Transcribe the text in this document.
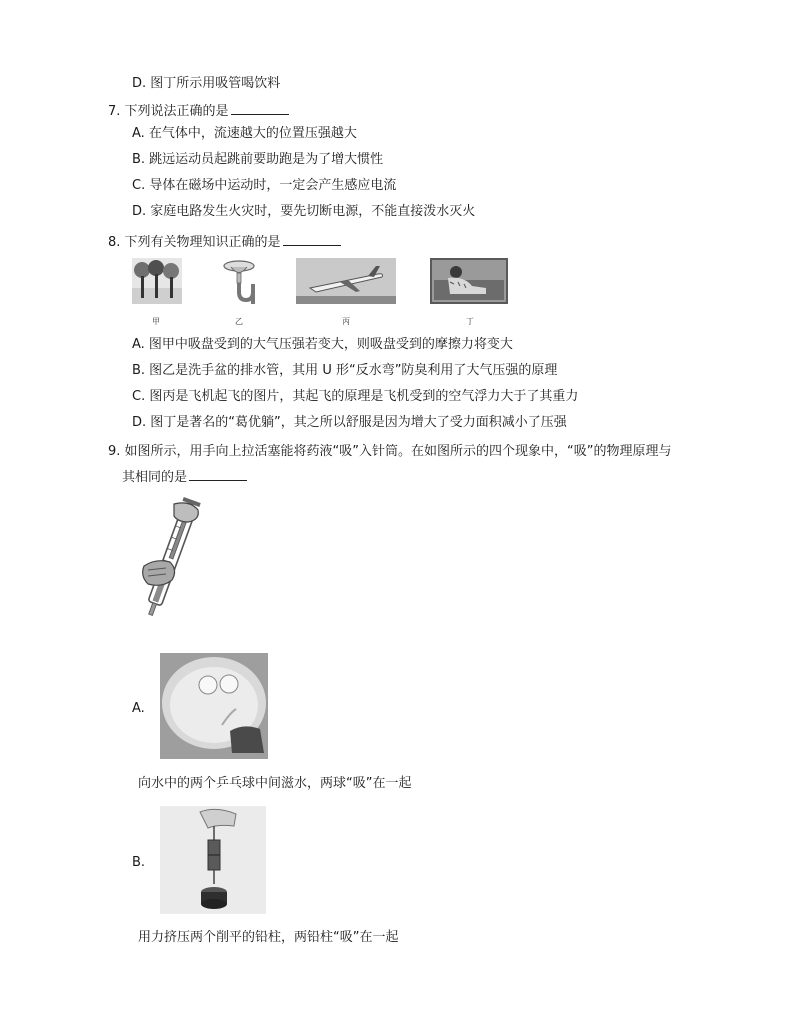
D. 图丁所示用吸管喝饮料
7. 下列说法正确的是
A. 在气体中，流速越大的位置压强越大
B. 跳远运动员起跳前要助跑是为了增大惯性
C. 导体在磁场中运动时，一定会产生感应电流
D. 家庭电路发生火灾时，要先切断电源，不能直接泼水灭火
8. 下列有关物理知识正确的是
甲	乙	丙	丁
A. 图甲中吸盘受到的大气压强若变大，则吸盘受到的摩擦力将变大
B. 图乙是洗手盆的排水管，其用 U 形“反水弯”防臭利用了大气压强的原理
C. 图丙是飞机起飞的图片，其起飞的原理是飞机受到的空气浮力大于了其重力
D. 图丁是著名的“葛优躺”，其之所以舒服是因为增大了受力面积减小了压强
9. 如图所示，用手向上拉活塞能将药液“吸”入针筒。在如图所示的四个现象中，“吸”的物理原理与
其相同的是
A.
向水中的两个乒乓球中间滋水，两球“吸”在一起
B.
用力挤压两个削平的铅柱，两铅柱“吸”在一起
